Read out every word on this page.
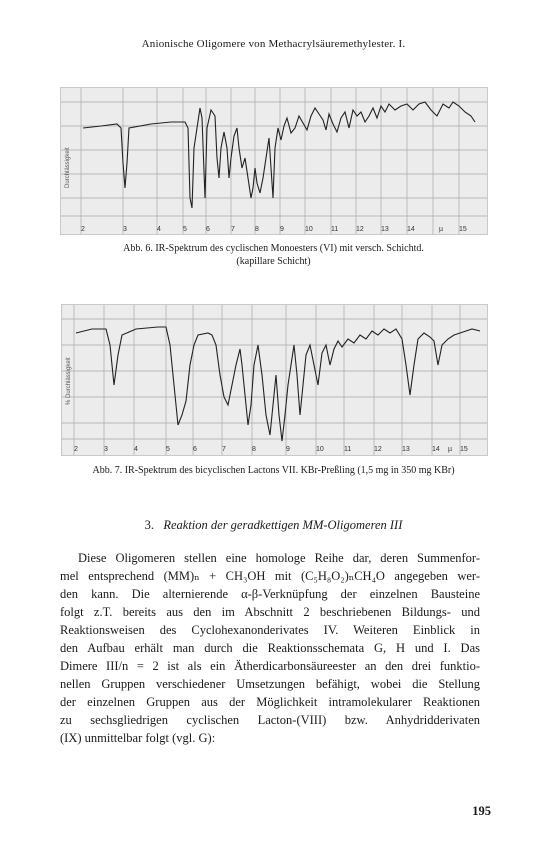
Anionische Oligomere von Methacrylsäuremethylester. I.
2	3	4	5	6	7	8	9	10	11	12 13	14	µ 15
Durchlässigkeit
Abb. 6. IR-Spektrum des cyclischen Monoesters (VI) mit versch. Schichtd.
(kapillare Schicht)
2	3	4	5	6	7	8	9	10	11	12	13	14 µ 15
% Durchlässigkeit
Abb. 7. IR-Spektrum des bicyclischen Lactons VII. KBr-Preßling (1,5 mg in 350 mg KBr)
3. Reaktion der geradkettigen MM-Oligomeren III
Diese Oligomeren stellen eine homologe Reihe dar, deren Summenfor-
mel entsprechend (MM)ₙ + CH₃OH mit (C₅H₈O₂)ₙCH₄O angegeben wer-
den kann. Die alternierende α-β-Verknüpfung der einzelnen Bausteine
folgt z.T. bereits aus den im Abschnitt 2 beschriebenen Bildungs- und
Reaktionsweisen des Cyclohexanonderivates IV. Weiteren Einblick in
den Aufbau erhält man durch die Reaktionsschemata G, H und I. Das
Dimere III/n = 2 ist als ein Ätherdicarbonsäureester an den drei funktio-
nellen Gruppen verschiedener Umsetzungen befähigt, wobei die Stellung
der einzelnen Gruppen aus der Möglichkeit intramolekularer Reaktionen
zu sechsgliedrigen cyclischen Lacton-(VIII) bzw. Anhydridderivaten
(IX) unmittelbar folgt (vgl. G):
195
